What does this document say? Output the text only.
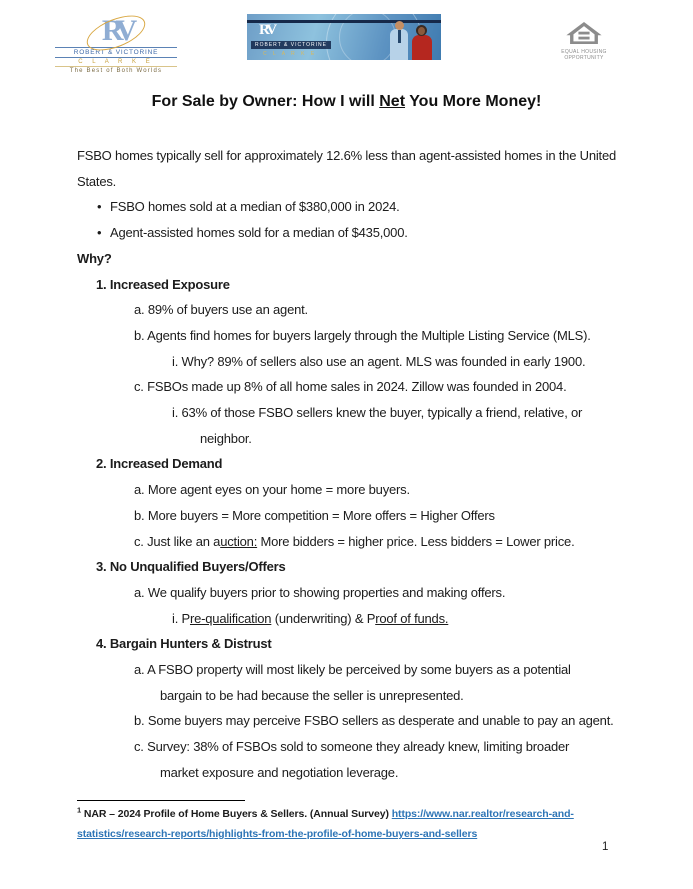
RV
ROBERT & VICTORINE
C L A R K E
The Best of Both Worlds
RV
ROBERT & VICTORINE
C L A R K E	EQUAL HOUSING
OPPORTUNITY
For Sale by Owner: How I will Net You More Money!
FSBO homes typically sell for approximately 12.6% less than agent-assisted homes in the United
States.
• FSBO homes sold at a median of $380,000 in 2024.
• Agent-assisted homes sold for a median of $435,000.
Why?
1. Increased Exposure
a. 89% of buyers use an agent.
b. Agents find homes for buyers largely through the Multiple Listing Service (MLS).
i. Why? 89% of sellers also use an agent. MLS was founded in early 1900.
c. FSBOs made up 8% of all home sales in 2024. Zillow was founded in 2004.
i. 63% of those FSBO sellers knew the buyer, typically a friend, relative, or
neighbor.
2. Increased Demand
a. More agent eyes on your home = more buyers.
b. More buyers = More competition = More offers = Higher Offers
c. Just like an auction: More bidders = higher price. Less bidders = Lower price.
3. No Unqualified Buyers/Offers
a. We qualify buyers prior to showing properties and making offers.
i. Pre-qualification (underwriting) & Proof of funds.
4. Bargain Hunters & Distrust
a. A FSBO property will most likely be perceived by some buyers as a potential
bargain to be had because the seller is unrepresented.
b. Some buyers may perceive FSBO sellers as desperate and unable to pay an agent.
c. Survey: 38% of FSBOs sold to someone they already knew, limiting broader
market exposure and negotiation leverage.
$^1$ NAR – 2024 Profile of Home Buyers & Sellers. (Annual Survey) https://www.nar.realtor/research-and-
statistics/research-reports/highlights-from-the-profile-of-home-buyers-and-sellers
1
